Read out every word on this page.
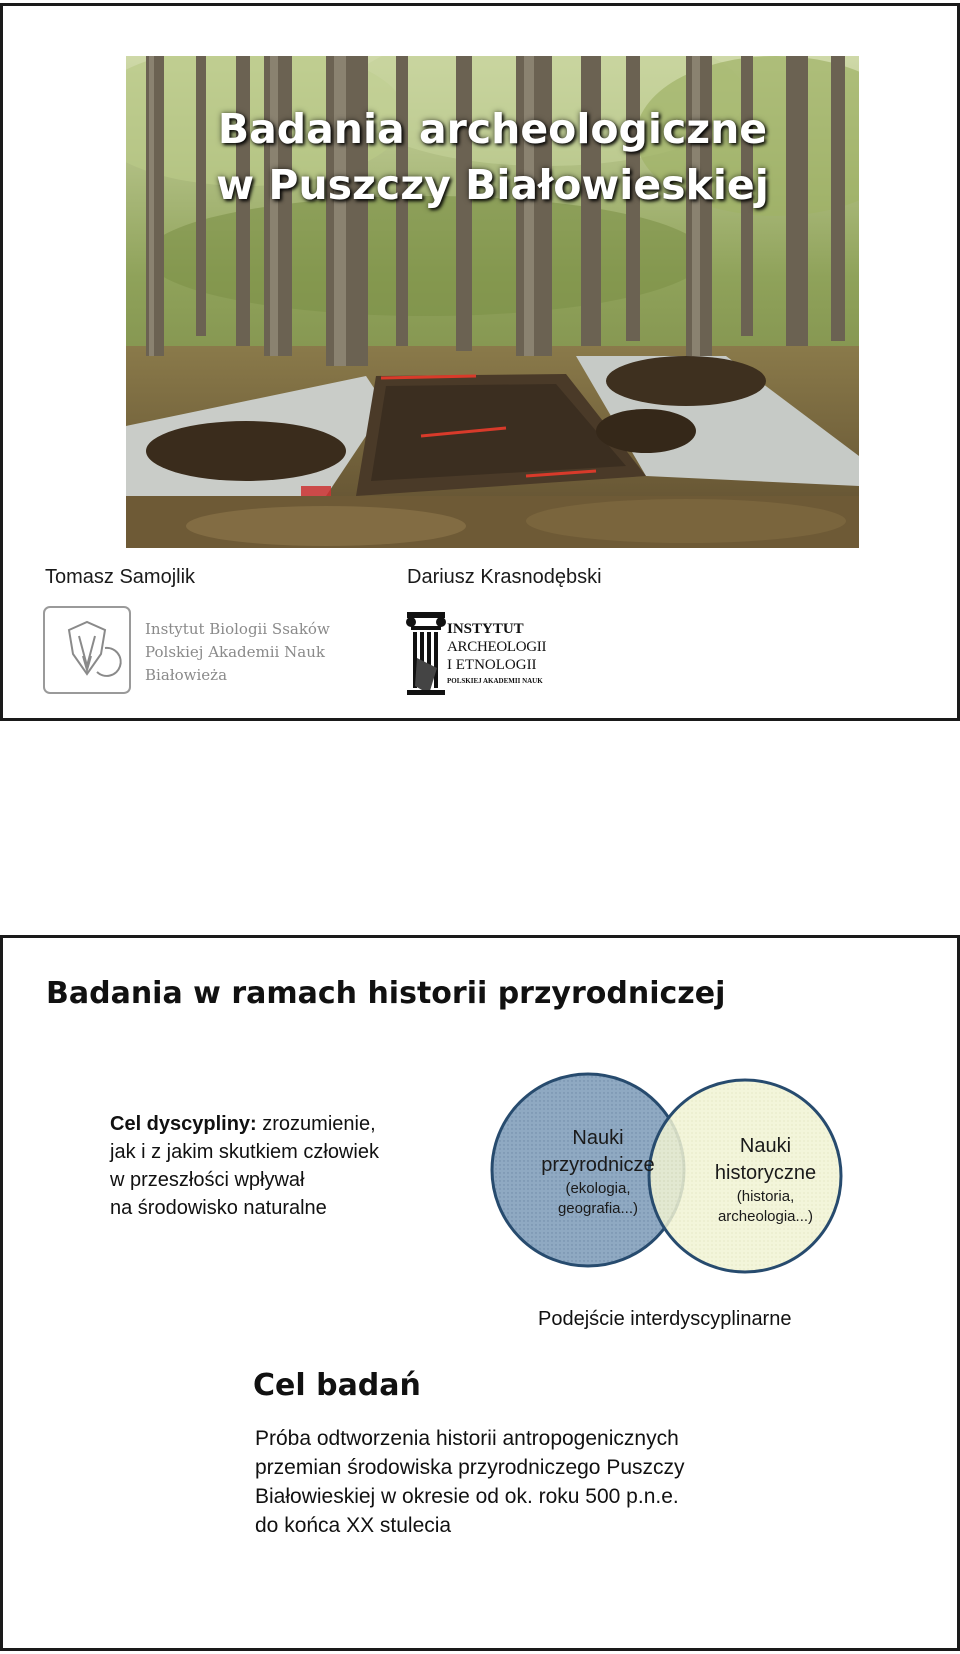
Badania archeologiczne
w Puszczy Białowieskiej
Tomasz Samojlik	Dariusz Krasnodębski
Instytut Biologii Ssaków
Polskiej Akademii Nauk
Białowieża
INSTYTUT
ARCHEOLOGII
I ETNOLOGII
POLSKIEJ AKADEMII NAUK
Badania w ramach historii przyrodniczej
Cel dyscypliny: zrozumienie,
jak i z jakim skutkiem człowiek
w przeszłości wpływał
na środowisko naturalne
Nauki
przyrodnicze
(ekologia,
geografia...)
Nauki
historyczne
(historia,
archeologia...)
Podejście interdyscyplinarne
Cel badań
Próba odtworzenia historii antropogenicznych
przemian środowiska przyrodniczego Puszczy
Białowieskiej w okresie od ok. roku 500 p.n.e.
do końca XX stulecia
